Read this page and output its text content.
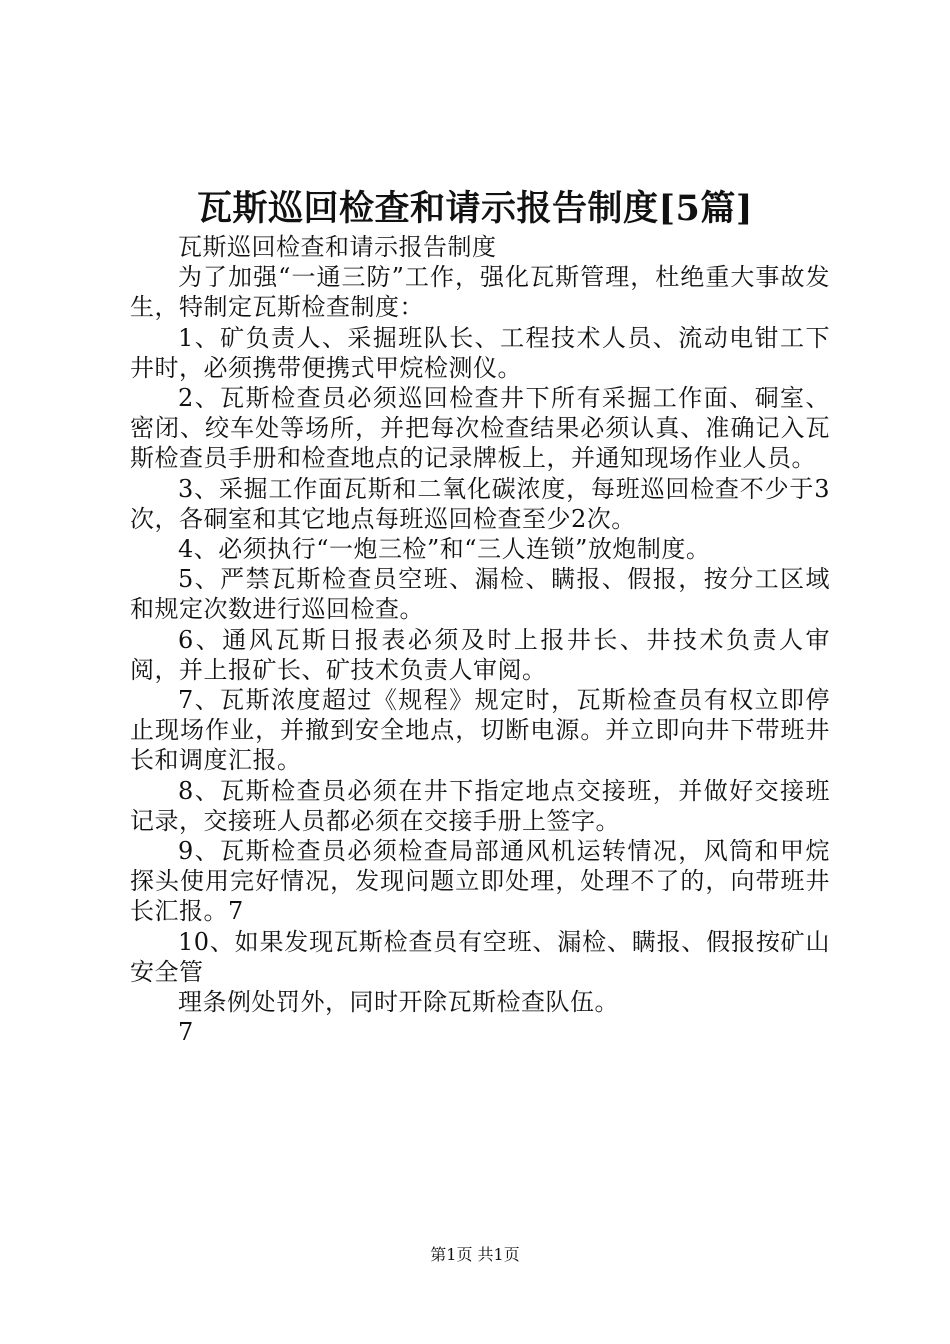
瓦斯巡回检查和请示报告制度[5篇]

瓦斯巡回检查和请示报告制度

为了加强“一通三防”工作，强化瓦斯管理，杜绝重大事故发生，特制定瓦斯检查制度：

1、矿负责人、采掘班队长、工程技术人员、流动电钳工下井时，必须携带便携式甲烷检测仪。

2、瓦斯检查员必须巡回检查井下所有采掘工作面、硐室、密闭、绞车处等场所，并把每次检查结果必须认真、准确记入瓦斯检查员手册和检查地点的记录牌板上，并通知现场作业人员。

3、采掘工作面瓦斯和二氧化碳浓度，每班巡回检查不少于3次，各硐室和其它地点每班巡回检查至少2次。

4、必须执行“一炮三检”和“三人连锁”放炮制度。

5、严禁瓦斯检查员空班、漏检、瞒报、假报，按分工区域和规定次数进行巡回检查。

6、通风瓦斯日报表必须及时上报井长、井技术负责人审阅，并上报矿长、矿技术负责人审阅。

7、瓦斯浓度超过《规程》规定时，瓦斯检查员有权立即停止现场作业，并撤到安全地点，切断电源。并立即向井下带班井长和调度汇报。

8、瓦斯检查员必须在井下指定地点交接班，并做好交接班记录，交接班人员都必须在交接手册上签字。

9、瓦斯检查员必须检查局部通风机运转情况，风筒和甲烷探头使用完好情况，发现问题立即处理，处理不了的，向带班井长汇报。7

10、如果发现瓦斯检查员有空班、漏检、瞒报、假报按矿山安全管

理条例处罚外，同时开除瓦斯检查队伍。

7

第1页 共1页
